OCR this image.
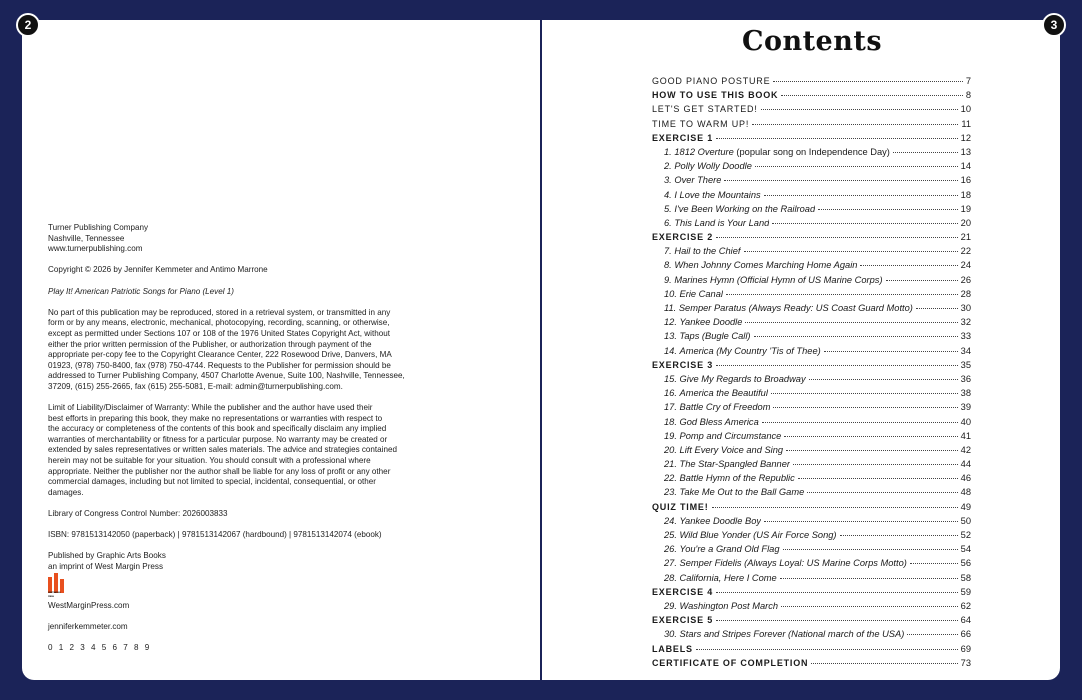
2	3
Turner Publishing Company
Nashville, Tennessee
www.turnerpublishing.com
Copyright © 2026 by Jennifer Kemmeter and Antimo Marrone
Play It! American Patriotic Songs for Piano (Level 1)
No part of this publication may be reproduced, stored in a retrieval system, or transmitted in any
form or by any means, electronic, mechanical, photocopying, recording, scanning, or otherwise,
except as permitted under Sections 107 or 108 of the 1976 United States Copyright Act, without
either the prior written permission of the Publisher, or authorization through payment of the
appropriate per-copy fee to the Copyright Clearance Center, 222 Rosewood Drive, Danvers, MA
01923, (978) 750-8400, fax (978) 750-4744. Requests to the Publisher for permission should be
addressed to Turner Publishing Company, 4507 Charlotte Avenue, Suite 100, Nashville, Tennessee,
37209, (615) 255-2665, fax (615) 255-5081, E-mail: admin@turnerpublishing.com.
Limit of Liability/Disclaimer of Warranty: While the publisher and the author have used their
best efforts in preparing this book, they make no representations or warranties with respect to
the accuracy or completeness of the contents of this book and specifically disclaim any implied
warranties of merchantability or fitness for a particular purpose. No warranty may be created or
extended by sales representatives or written sales materials. The advice and strategies contained
herein may not be suitable for your situation. You should consult with a professional where
appropriate. Neither the publisher nor the author shall be liable for any loss of profit or any other
commercial damages, including but not limited to special, incidental, consequential, or other
damages.
Library of Congress Control Number: 2026003833
ISBN: 9781513142050 (paperback) | 9781513142067 (hardbound) | 9781513142074 (ebook)
Published by Graphic Arts Books
an imprint of West Margin Press
WEST MARGIN PRESS
WestMarginPress.com
jenniferkemmeter.com
0 1 2 3 4 5 6 7 8 9
Contents
GOOD PIANO POSTURE	7
HOW TO USE THIS BOOK	8
LET'S GET STARTED!	10
TIME TO WARM UP!	11
EXERCISE 1	12
1. 1812 Overture (popular song on Independence Day)	13
2. Polly Wolly Doodle	14
3. Over There	16
4. I Love the Mountains	18
5. I've Been Working on the Railroad	19
6. This Land is Your Land	20
EXERCISE 2	21
7. Hail to the Chief	22
8. When Johnny Comes Marching Home Again	24
9. Marines Hymn (Official Hymn of US Marine Corps)	26
10. Erie Canal	28
11. Semper Paratus (Always Ready: US Coast Guard Motto)	30
12. Yankee Doodle	32
13. Taps (Bugle Call)	33
14. America (My Country 'Tis of Thee)	34
EXERCISE 3	35
15. Give My Regards to Broadway	36
16. America the Beautiful	38
17. Battle Cry of Freedom	39
18. God Bless America	40
19. Pomp and Circumstance	41
20. Lift Every Voice and Sing	42
21. The Star-Spangled Banner	44
22. Battle Hymn of the Republic	46
23. Take Me Out to the Ball Game	48
QUIZ TIME!	49
24. Yankee Doodle Boy	50
25. Wild Blue Yonder (US Air Force Song)	52
26. You're a Grand Old Flag	54
27. Semper Fidelis (Always Loyal: US Marine Corps Motto)	56
28. California, Here I Come	58
EXERCISE 4	59
29. Washington Post March	62
EXERCISE 5	64
30. Stars and Stripes Forever (National march of the USA)	66
LABELS	69
CERTIFICATE OF COMPLETION	73
